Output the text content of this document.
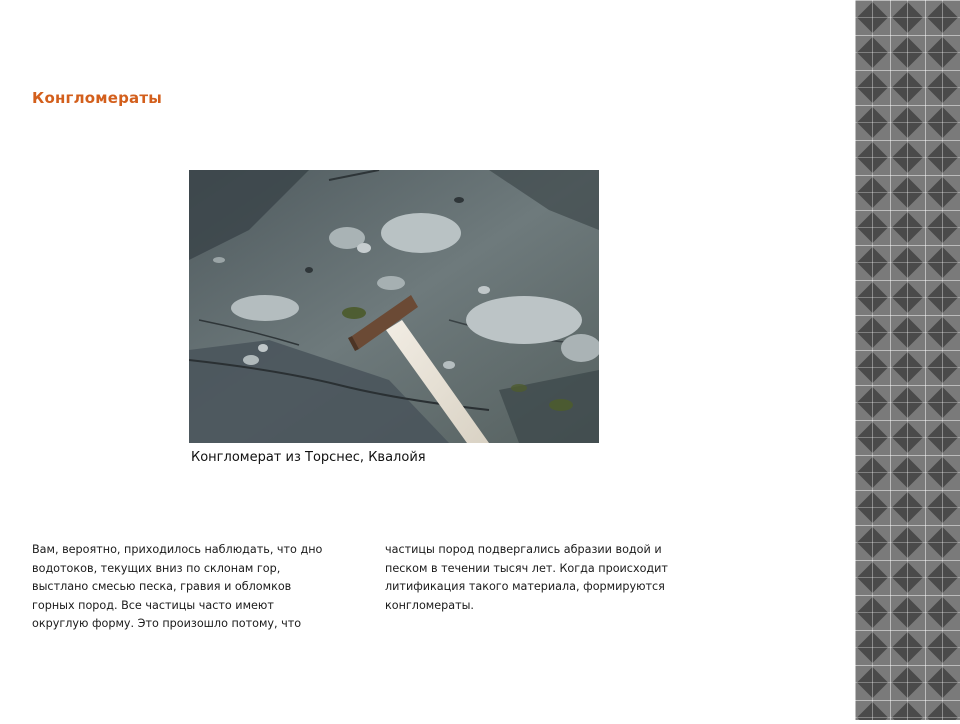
Конгломераты
Конгломерат из Торснес, Квалойя

Вам, вероятно, приходилось наблюдать, что дно
водотоков, текущих вниз по склонам гор,
выстлано смесью песка, гравия и обломков
горных пород. Все частицы часто имеют
округлую форму. Это произошло потому, что

частицы пород подвергались абразии водой и
песком в течении тысяч лет. Когда происходит
литификация такого материала, формируются
конгломераты.
